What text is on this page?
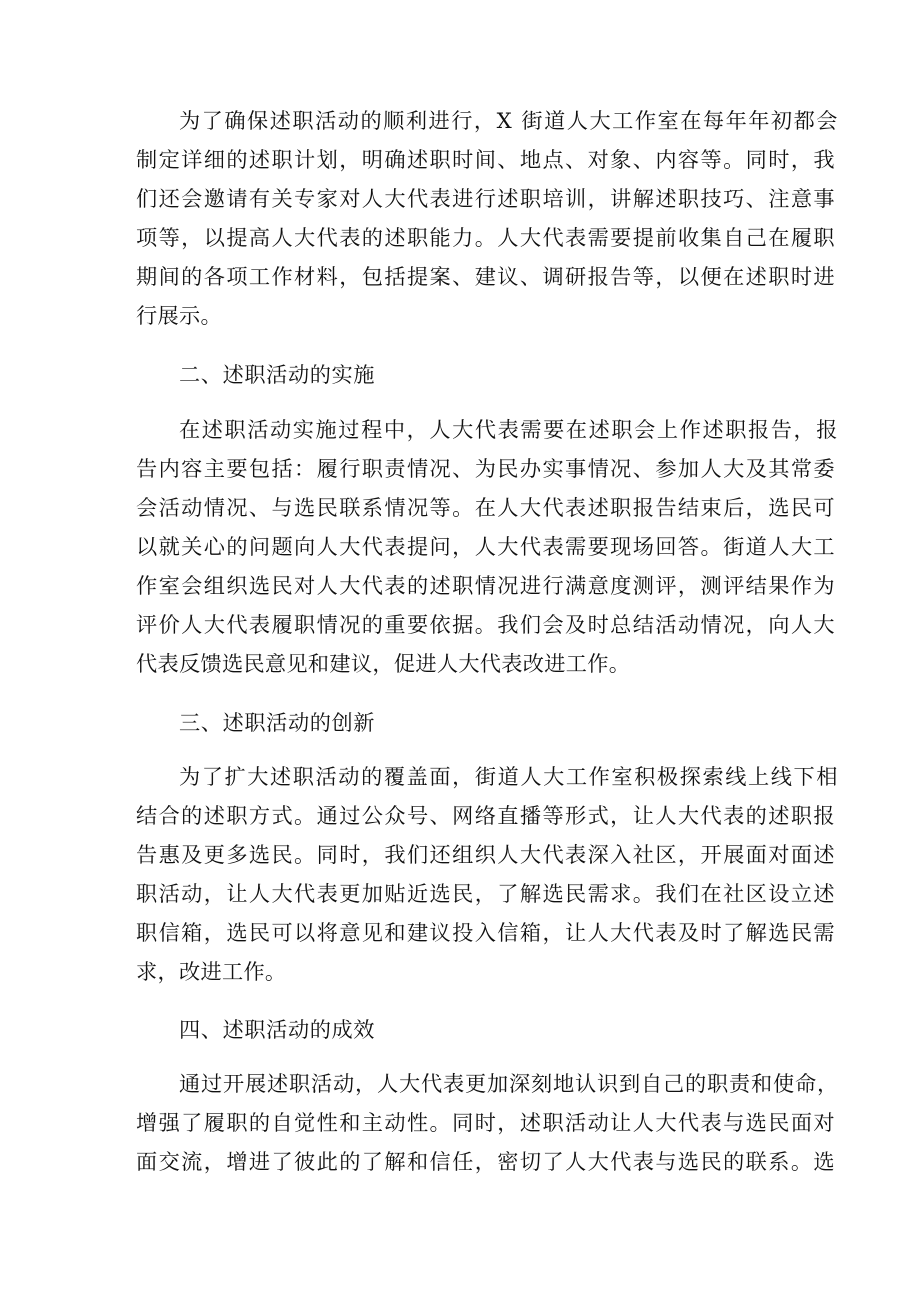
为了确保述职活动的顺利进行，X 街道人大工作室在每年年初都会
制定详细的述职计划，明确述职时间、地点、对象、内容等。同时，我
们还会邀请有关专家对人大代表进行述职培训，讲解述职技巧、注意事
项等，以提高人大代表的述职能力。人大代表需要提前收集自己在履职
期间的各项工作材料，包括提案、建议、调研报告等，以便在述职时进
行展示。
二、述职活动的实施
在述职活动实施过程中，人大代表需要在述职会上作述职报告，报
告内容主要包括：履行职责情况、为民办实事情况、参加人大及其常委
会活动情况、与选民联系情况等。在人大代表述职报告结束后，选民可
以就关心的问题向人大代表提问，人大代表需要现场回答。街道人大工
作室会组织选民对人大代表的述职情况进行满意度测评，测评结果作为
评价人大代表履职情况的重要依据。我们会及时总结活动情况，向人大
代表反馈选民意见和建议，促进人大代表改进工作。
三、述职活动的创新
为了扩大述职活动的覆盖面，街道人大工作室积极探索线上线下相
结合的述职方式。通过公众号、网络直播等形式，让人大代表的述职报
告惠及更多选民。同时，我们还组织人大代表深入社区，开展面对面述
职活动，让人大代表更加贴近选民，了解选民需求。我们在社区设立述
职信箱，选民可以将意见和建议投入信箱，让人大代表及时了解选民需
求，改进工作。
四、述职活动的成效
通过开展述职活动，人大代表更加深刻地认识到自己的职责和使命，
增强了履职的自觉性和主动性。同时，述职活动让人大代表与选民面对
面交流，增进了彼此的了解和信任，密切了人大代表与选民的联系。选
